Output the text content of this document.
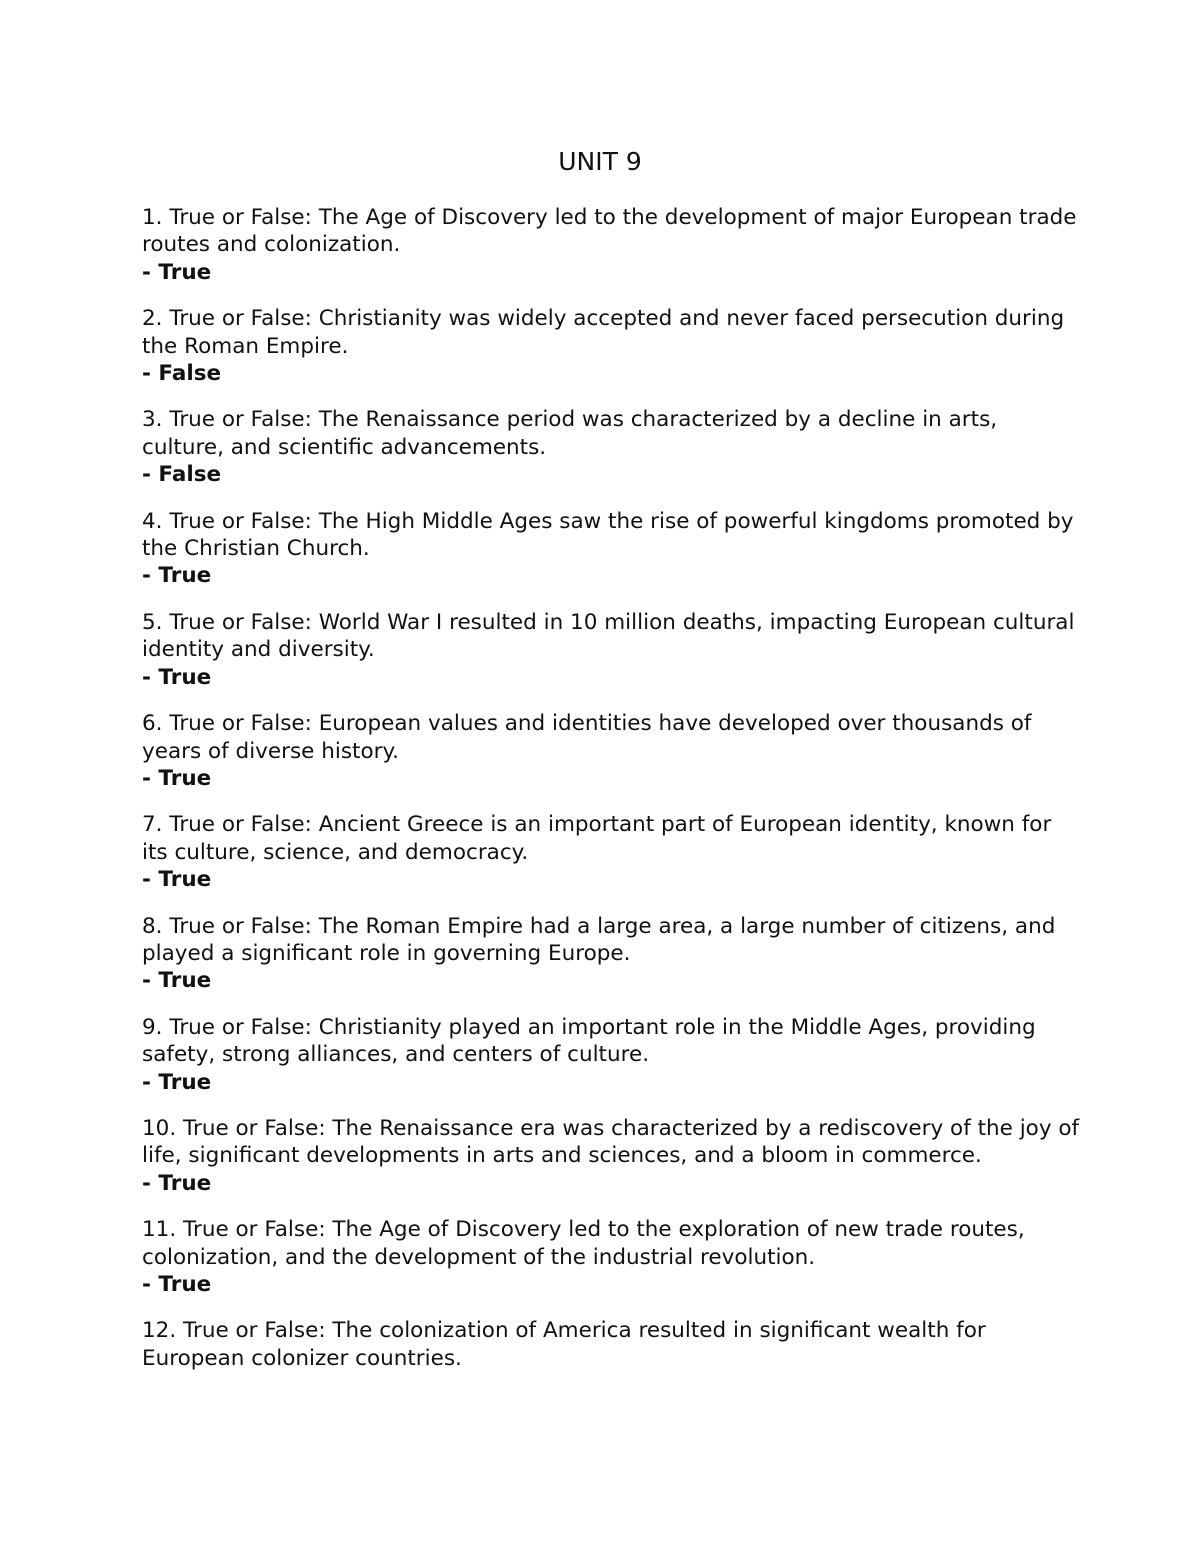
UNIT 9

1. True or False: The Age of Discovery led to the development of major European trade routes and colonization.

- True

2. True or False: Christianity was widely accepted and never faced persecution during the Roman Empire.

- False

3. True or False: The Renaissance period was characterized by a decline in arts, culture, and scientific advancements.

- False

4. True or False: The High Middle Ages saw the rise of powerful kingdoms promoted by the Christian Church.

- True

5. True or False: World War I resulted in 10 million deaths, impacting European cultural identity and diversity.

- True

6. True or False: European values and identities have developed over thousands of years of diverse history.

- True

7. True or False: Ancient Greece is an important part of European identity, known for its culture, science, and democracy.

- True

8. True or False: The Roman Empire had a large area, a large number of citizens, and played a significant role in governing Europe.

- True

9. True or False: Christianity played an important role in the Middle Ages, providing safety, strong alliances, and centers of culture.

- True

10. True or False: The Renaissance era was characterized by a rediscovery of the joy of life, significant developments in arts and sciences, and a bloom in commerce.

- True

11. True or False: The Age of Discovery led to the exploration of new trade routes, colonization, and the development of the industrial revolution.

- True

12. True or False: The colonization of America resulted in significant wealth for European colonizer countries.
